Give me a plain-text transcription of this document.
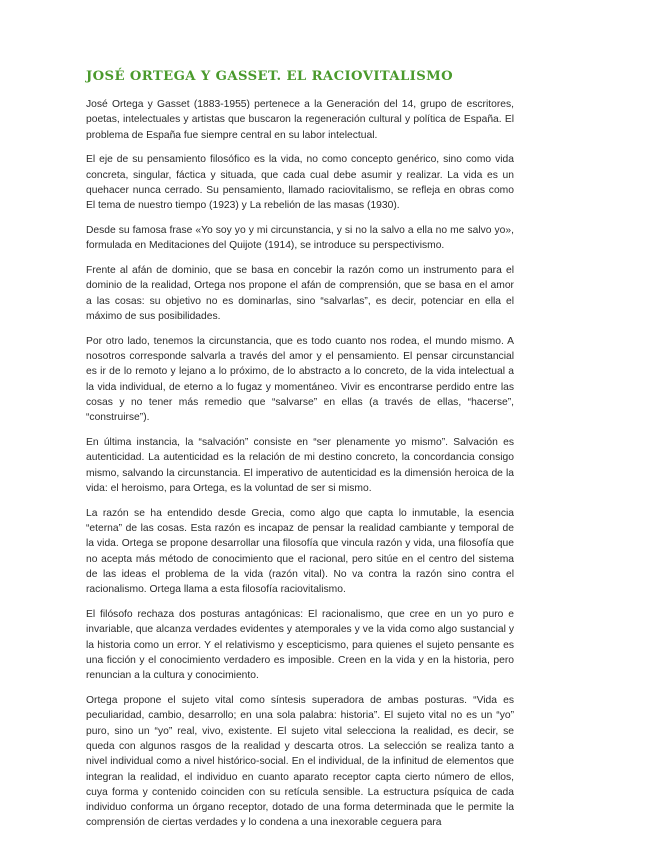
JOSÉ ORTEGA Y GASSET. EL RACIOVITALISMO

José Ortega y Gasset (1883-1955) pertenece a la Generación del 14, grupo de escritores, poetas, intelectuales y artistas que buscaron la regeneración cultural y política de España. El problema de España fue siempre central en su labor intelectual.

El eje de su pensamiento filosófico es la vida, no como concepto genérico, sino como vida concreta, singular, fáctica y situada, que cada cual debe asumir y realizar. La vida es un quehacer nunca cerrado. Su pensamiento, llamado raciovitalismo, se refleja en obras como El tema de nuestro tiempo (1923) y La rebelión de las masas (1930).

Desde su famosa frase «Yo soy yo y mi circunstancia, y si no la salvo a ella no me salvo yo», formulada en Meditaciones del Quijote (1914), se introduce su perspectivismo.

Frente al afán de dominio, que se basa en concebir la razón como un instrumento para el dominio de la realidad, Ortega nos propone el afán de comprensión, que se basa en el amor a las cosas: su objetivo no es dominarlas, sino “salvarlas”, es decir, potenciar en ella el máximo de sus posibilidades.

Por otro lado, tenemos la circunstancia, que es todo cuanto nos rodea, el mundo mismo. A nosotros corresponde salvarla a través del amor y el pensamiento. El pensar circunstancial es ir de lo remoto y lejano a lo próximo, de lo abstracto a lo concreto, de la vida intelectual a la vida individual, de eterno a lo fugaz y momentáneo. Vivir es encontrarse perdido entre las cosas y no tener más remedio que “salvarse” en ellas (a través de ellas, “hacerse”, “construirse”).

En última instancia, la “salvación” consiste en “ser plenamente yo mismo”. Salvación es autenticidad. La autenticidad es la relación de mi destino concreto, la concordancia consigo mismo, salvando la circunstancia. El imperativo de autenticidad es la dimensión heroica de la vida: el heroismo, para Ortega, es la voluntad de ser si mismo.

La razón se ha entendido desde Grecia, como algo que capta lo inmutable, la esencia “eterna” de las cosas. Esta razón es incapaz de pensar la realidad cambiante y temporal de la vida. Ortega se propone desarrollar una filosofía que vincula razón y vida, una filosofía que no acepta más método de conocimiento que el racional, pero sitúe en el centro del sistema de las ideas el problema de la vida (razón vital). No va contra la razón sino contra el racionalismo. Ortega llama a esta filosofía raciovitalismo.

El filósofo rechaza dos posturas antagónicas: El racionalismo, que cree en un yo puro e invariable, que alcanza verdades evidentes y atemporales y ve la vida como algo sustancial y la historia como un error. Y el relativismo y escepticismo, para quienes el sujeto pensante es una ficción y el conocimiento verdadero es imposible. Creen en la vida y en la historia, pero renuncian a la cultura y conocimiento.

Ortega propone el sujeto vital como síntesis superadora de ambas posturas. “Vida es peculiaridad, cambio, desarrollo; en una sola palabra: historia”. El sujeto vital no es un “yo” puro, sino un “yo” real, vivo, existente. El sujeto vital selecciona la realidad, es decir, se queda con algunos rasgos de la realidad y descarta otros. La selección se realiza tanto a nivel individual como a nivel histórico-social. En el individual, de la infinitud de elementos que integran la realidad, el individuo en cuanto aparato receptor capta cierto número de ellos, cuya forma y contenido coinciden con su retícula sensible. La estructura psíquica de cada individuo conforma un órgano receptor, dotado de una forma determinada que le permite la comprensión de ciertas verdades y lo condena a una inexorable ceguera para
